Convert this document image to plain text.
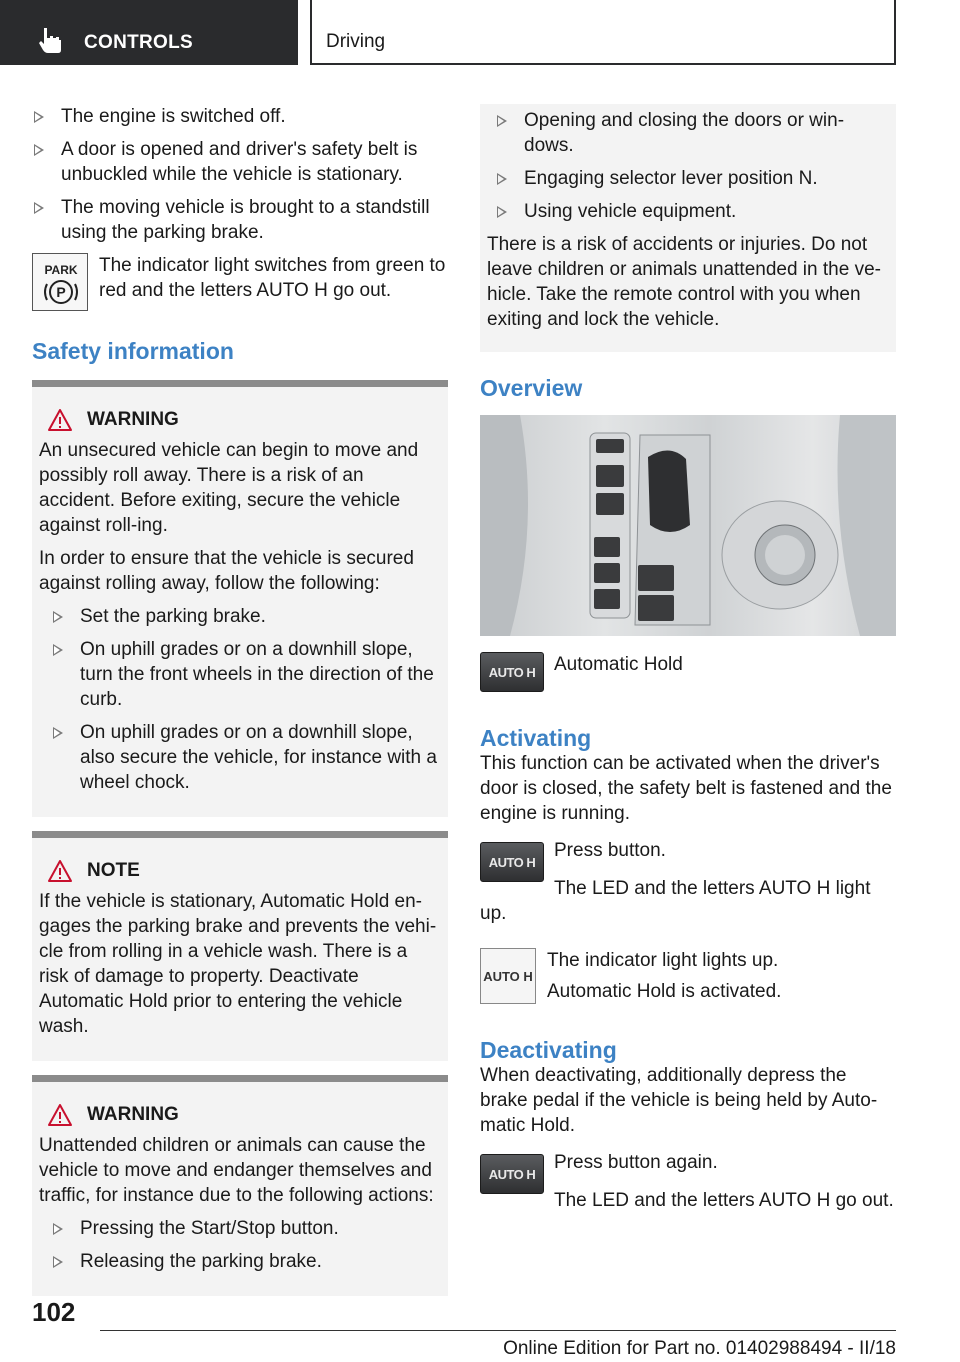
CONTROLS	Driving
The engine is switched off.
A door is opened and driver's safety belt is unbuckled while the vehicle is stationary.
The moving vehicle is brought to a standstill using the parking brake.
PARK
P

The indicator light switches from green to red and the letters AUTO H go out.

Safety information
WARNING

An unsecured vehicle can begin to move and possibly roll away. There is a risk of an accident. Before exiting, secure the vehicle against roll-ing.

In order to ensure that the vehicle is secured against rolling away, follow the following:

Set the parking brake.
On uphill grades or on a downhill slope, turn the front wheels in the direction of the curb.
On uphill grades or on a downhill slope, also secure the vehicle, for instance with a wheel chock.
NOTE

If the vehicle is stationary, Automatic Hold en-gages the parking brake and prevents the vehi-cle from rolling in a vehicle wash. There is a risk of damage to property. Deactivate Automatic Hold prior to entering the vehicle wash.

WARNING

Unattended children or animals can cause the vehicle to move and endanger themselves and traffic, for instance due to the following actions:

Pressing the Start/Stop button.
Releasing the parking brake.
Opening and closing the doors or win-dows.
Engaging selector lever position N.
Using vehicle equipment.

There is a risk of accidents or injuries. Do not leave children or animals unattended in the ve-hicle. Take the remote control with you when exiting and lock the vehicle.

Overview
AUTO H Automatic Hold

Activating

This function can be activated when the driver's door is closed, the safety belt is fastened and the engine is running.

AUTO H

Press button.

The LED and the letters AUTO H light up.

AUTO H

The indicator light lights up.

Automatic Hold is activated.

Deactivating

When deactivating, additionally depress the brake pedal if the vehicle is being held by Auto-matic Hold.

AUTO H

Press button again.

The LED and the letters AUTO H go out.

102
Online Edition for Part no. 01402988494 - II/18
